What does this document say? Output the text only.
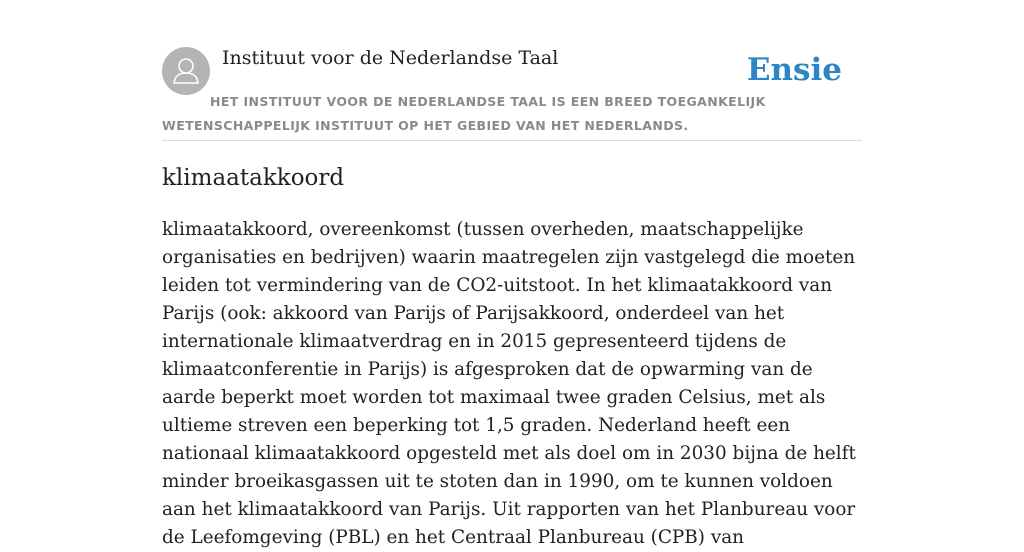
Instituut voor de Nederlandse Taal	Ensie
HET INSTITUUT VOOR DE NEDERLANDSE TAAL IS EEN BREED TOEGANKELIJK WETENSCHAPPELIJK INSTITUUT OP HET GEBIED VAN HET NEDERLANDS.
klimaatakkoord

klimaatakkoord, overeenkomst (tussen overheden, maatschappelijke organisaties en bedrijven) waarin maatregelen zijn vastgelegd die moeten leiden tot vermindering van de CO2-uitstoot. In het klimaatakkoord van Parijs (ook: akkoord van Parijs of Parijsakkoord, onderdeel van het internationale klimaatverdrag en in 2015 gepresenteerd tijdens de klimaatconferentie in Parijs) is afgesproken dat de opwarming van de aarde beperkt moet worden tot maximaal twee graden Celsius, met als ultieme streven een beperking tot 1,5 graden. Nederland heeft een nationaal klimaatakkoord opgesteld met als doel om in 2030 bijna de helft minder broeikasgassen uit te stoten dan in 1990, om te kunnen voldoen aan het klimaatakkoord van Parijs. Uit rapporten van het Planbureau voor de Leefomgeving (PBL) en het Centraal Planbureau (CPB) van
